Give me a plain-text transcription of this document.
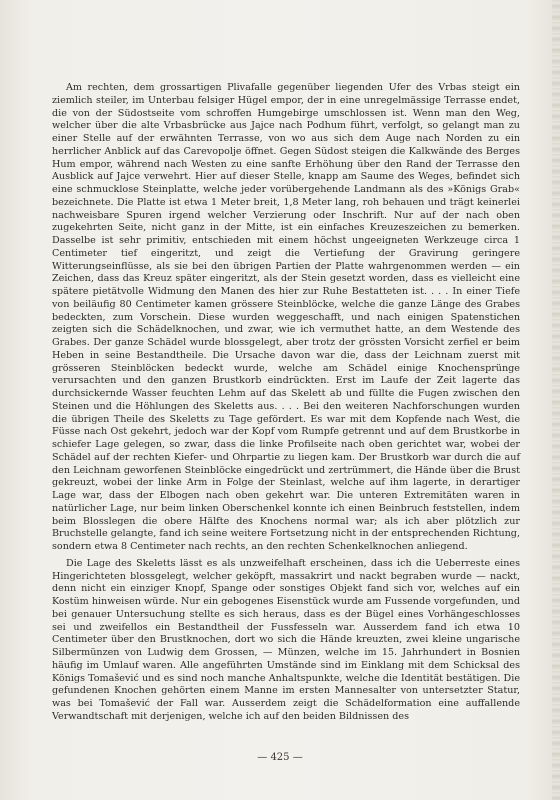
Am rechten, dem grossartigen Plivafalle gegenüber liegenden Ufer des Vrbas steigt ein ziemlich steiler, im Unterbau felsiger Hügel empor, der in eine unregelmässige Terrasse endet, die von der Südostseite vom schroffen Humgebirge umschlossen ist. Wenn man den Weg, welcher über die alte Vrbasbrücke aus Jajce nach Podhum führt, verfolgt, so gelangt man zu einer Stelle auf der erwähnten Terrasse, von wo aus sich dem Auge nach Norden zu ein herrlicher Anblick auf das Carevopolje öffnet. Gegen Südost steigen die Kalkwände des Berges Hum empor, während nach Westen zu eine sanfte Erhöhung über den Rand der Terrasse den Ausblick auf Jajce verwehrt. Hier auf dieser Stelle, knapp am Saume des Weges, befindet sich eine schmucklose Steinplatte, welche jeder vorübergehende Landmann als des »Königs Grab« bezeichnete. Die Platte ist etwa 1 Meter breit, 1,8 Meter lang, roh behauen und trägt keinerlei nachweisbare Spuren irgend welcher Verzierung oder Inschrift. Nur auf der nach oben zugekehrten Seite, nicht ganz in der Mitte, ist ein einfaches Kreuzeszeichen zu bemerken. Dasselbe ist sehr primitiv, entschieden mit einem höchst ungeeigneten Werkzeuge circa 1 Centimeter tief eingeritzt, und zeigt die Vertiefung der Gravirung geringere Witterungseinflüsse, als sie bei den übrigen Partien der Platte wahrgenommen werden — ein Zeichen, dass das Kreuz später eingeritzt, als der Stein gesetzt worden, dass es vielleicht eine spätere pietätvolle Widmung den Manen des hier zur Ruhe Bestatteten ist. . . . In einer Tiefe von beiläufig 80 Centimeter kamen grössere Steinblöcke, welche die ganze Länge des Grabes bedeckten, zum Vorschein. Diese wurden weggeschafft, und nach einigen Spatenstichen zeigten sich die Schädelknochen, und zwar, wie ich vermuthet hatte, an dem Westende des Grabes. Der ganze Schädel wurde blossgelegt, aber trotz der grössten Vorsicht zerfiel er beim Heben in seine Bestandtheile. Die Ursache davon war die, dass der Leichnam zuerst mit grösseren Steinblöcken bedeckt wurde, welche am Schädel einige Knochensprünge verursachten und den ganzen Brustkorb eindrückten. Erst im Laufe der Zeit lagerte das durchsickernde Wasser feuchten Lehm auf das Skelett ab und füllte die Fugen zwischen den Steinen und die Höhlungen des Skeletts aus. . . . Bei den weiteren Nachforschungen wurden die übrigen Theile des Skeletts zu Tage gefördert. Es war mit dem Kopfende nach West, die Füsse nach Ost gekehrt, jedoch war der Kopf vom Rumpfe getrennt und auf dem Brustkorbe in schiefer Lage gelegen, so zwar, dass die linke Profilseite nach oben gerichtet war, wobei der Schädel auf der rechten Kiefer- und Ohrpartie zu liegen kam. Der Brustkorb war durch die auf den Leichnam geworfenen Steinblöcke eingedrückt und zertrümmert, die Hände über die Brust gekreuzt, wobei der linke Arm in Folge der Steinlast, welche auf ihm lagerte, in derartiger Lage war, dass der Elbogen nach oben gekehrt war. Die unteren Extremitäten waren in natürlicher Lage, nur beim linken Oberschenkel konnte ich einen Beinbruch feststellen, indem beim Blosslegen die obere Hälfte des Knochens normal war; als ich aber plötzlich zur Bruchstelle gelangte, fand ich seine weitere Fortsetzung nicht in der entsprechenden Richtung, sondern etwa 8 Centimeter nach rechts, an den rechten Schenkelknochen anliegend.

Die Lage des Skeletts lässt es als unzweifelhaft erscheinen, dass ich die Ueberreste eines Hingerichteten blossgelegt, welcher geköpft, massakrirt und nackt begraben wurde — nackt, denn nicht ein einziger Knopf, Spange oder sonstiges Objekt fand sich vor, welches auf ein Kostüm hinweisen würde. Nur ein gebogenes Eisenstück wurde am Fussende vorgefunden, und bei genauer Untersuchung stellte es sich heraus, dass es der Bügel eines Vorhängeschlosses sei und zweifellos ein Bestandtheil der Fussfesseln war. Ausserdem fand ich etwa 10 Centimeter über den Brustknochen, dort wo sich die Hände kreuzten, zwei kleine ungarische Silbermünzen von Ludwig dem Grossen, — Münzen, welche im 15. Jahrhundert in Bosnien häufig im Umlauf waren. Alle angeführten Umstände sind im Einklang mit dem Schicksal des Königs Tomašević und es sind noch manche Anhaltspunkte, welche die Identität bestätigen. Die gefundenen Knochen gehörten einem Manne im ersten Mannesalter von untersetzter Statur, was bei Tomašević der Fall war. Ausserdem zeigt die Schädelformation eine auffallende Verwandtschaft mit derjenigen, welche ich auf den beiden Bildnissen des

— 425 —
